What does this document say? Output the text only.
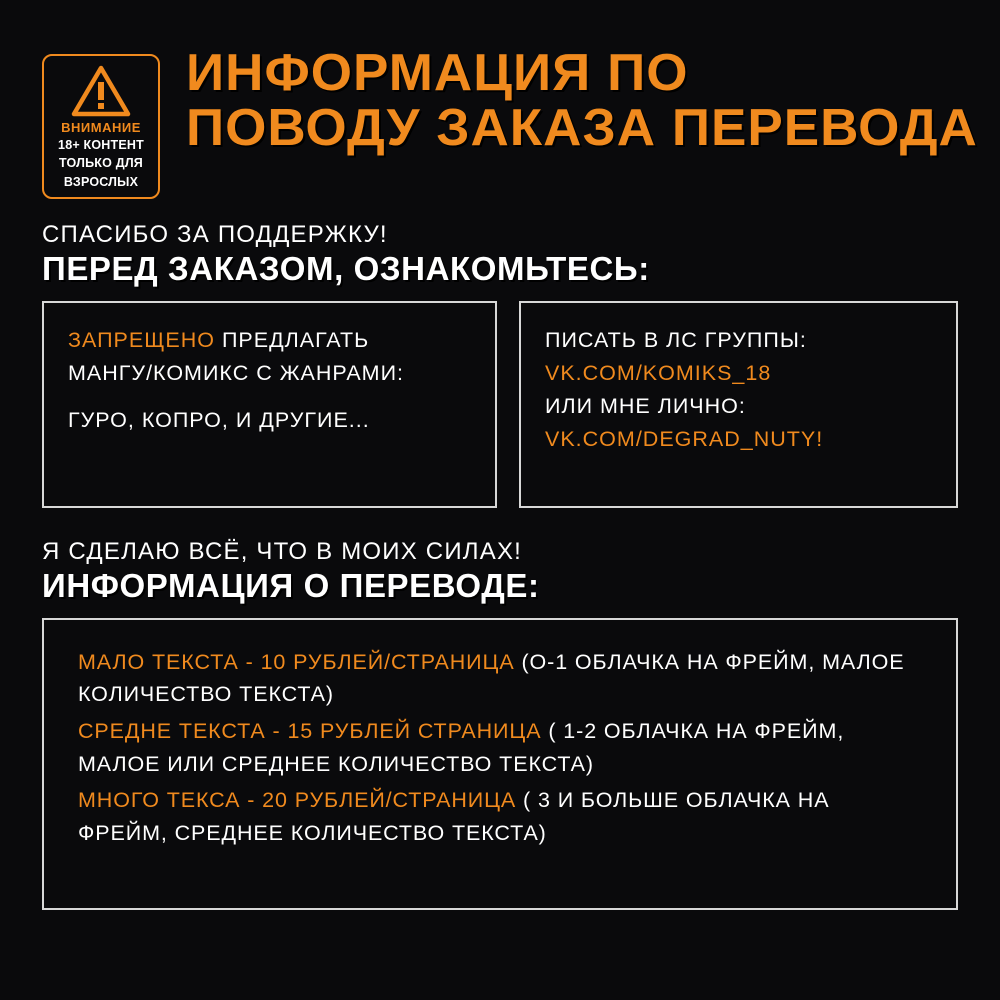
ВНИМАНИЕ
18+ КОНТЕНТ
ТОЛЬКО ДЛЯ
ВЗРОСЛЫХ
ИНФОРМАЦИЯ ПО
ПОВОДУ ЗАКАЗА ПЕРЕВОДА
СПАСИБО ЗА ПОДДЕРЖКУ!
ПЕРЕД ЗАКАЗОМ, ОЗНАКОМЬТЕСЬ:
ЗАПРЕЩЕНО ПРЕДЛАГАТЬ
МАНГУ/КОМИКС С ЖАНРАМИ:
ГУРО, КОПРО, И ДРУГИЕ...
ПИСАТЬ В ЛС ГРУППЫ:
VK.COM/KOMIKS_18
ИЛИ МНЕ ЛИЧНО:
VK.COM/DEGRAD_NUTY!
Я СДЕЛАЮ ВСЁ, ЧТО В МОИХ СИЛАХ!
ИНФОРМАЦИЯ О ПЕРЕВОДЕ:
МАЛО ТЕКСТА - 10 РУБЛЕЙ/СТРАНИЦА (О-1 ОБЛАЧКА НА ФРЕЙМ, МАЛОЕ КОЛИЧЕСТВО ТЕКСТА)
СРЕДНЕ ТЕКСТА - 15 РУБЛЕЙ СТРАНИЦА ( 1-2 ОБЛАЧКА НА ФРЕЙМ, МАЛОЕ ИЛИ СРЕДНЕЕ КОЛИЧЕСТВО ТЕКСТА)
МНОГО ТЕКСА - 20 РУБЛЕЙ/СТРАНИЦА ( 3 И БОЛЬШЕ ОБЛАЧКА НА ФРЕЙМ, СРЕДНЕЕ КОЛИЧЕСТВО ТЕКСТА)
